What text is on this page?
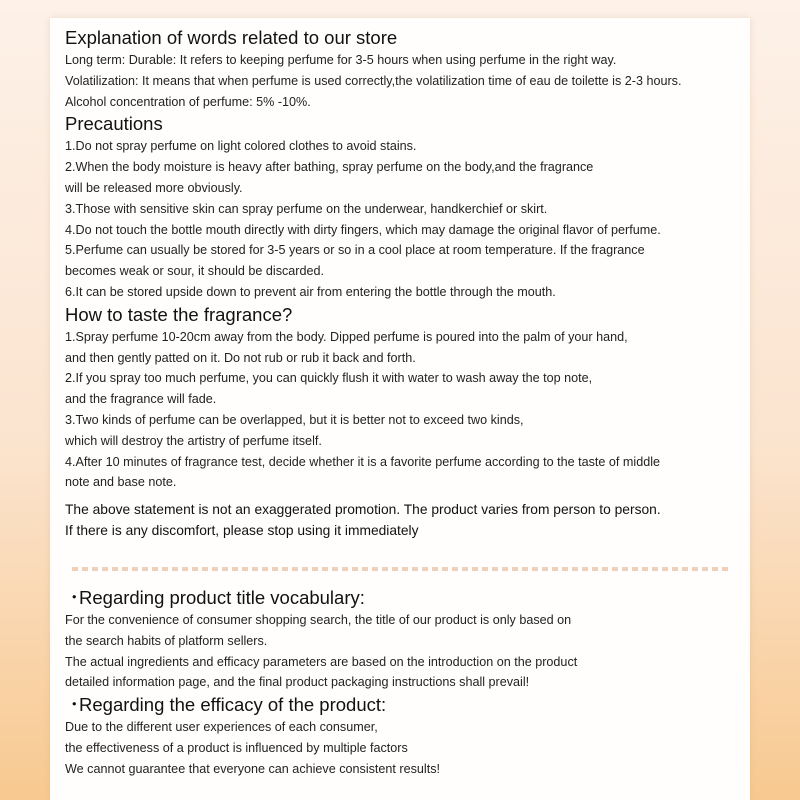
Explanation of words related to our store
Long term: Durable: It refers to keeping perfume for 3-5 hours when using perfume in the right way.
Volatilization: It means that when perfume is used correctly,the volatilization time of eau de toilette is 2-3 hours.
Alcohol concentration of perfume: 5% -10%.
Precautions
1.Do not spray perfume on light colored clothes to avoid stains.
2.When the body moisture is heavy after bathing, spray perfume on the body,and the fragrance
will be released more obviously.
3.Those with sensitive skin can spray perfume on the underwear, handkerchief or skirt.
4.Do not touch the bottle mouth directly with dirty fingers, which may damage the original flavor of perfume.
5.Perfume can usually be stored for 3-5 years or so in a cool place at room temperature. If the fragrance
becomes weak or sour, it should be discarded.
6.It can be stored upside down to prevent air from entering the bottle through the mouth.
How to taste the fragrance?
1.Spray perfume 10-20cm away from the body. Dipped perfume is poured into the palm of your hand,
and then gently patted on it. Do not rub or rub it back and forth.
2.If you spray too much perfume, you can quickly flush it with water to wash away the top note,
and the fragrance will fade.
3.Two kinds of perfume can be overlapped, but it is better not to exceed two kinds,
which will destroy the artistry of perfume itself.
4.After 10 minutes of fragrance test, decide whether it is a favorite perfume according to the taste of middle
note and base note.
The above statement is not an exaggerated promotion. The product varies from person to person.
If there is any discomfort, please stop using it immediately
・Regarding product title vocabulary:
For the convenience of consumer shopping search, the title of our product is only based on
the search habits of platform sellers.
The actual ingredients and efficacy parameters are based on the introduction on the product
detailed information page, and the final product packaging instructions shall prevail!
・Regarding the efficacy of the product:
Due to the different user experiences of each consumer,
the effectiveness of a product is influenced by multiple factors
We cannot guarantee that everyone can achieve consistent results!
